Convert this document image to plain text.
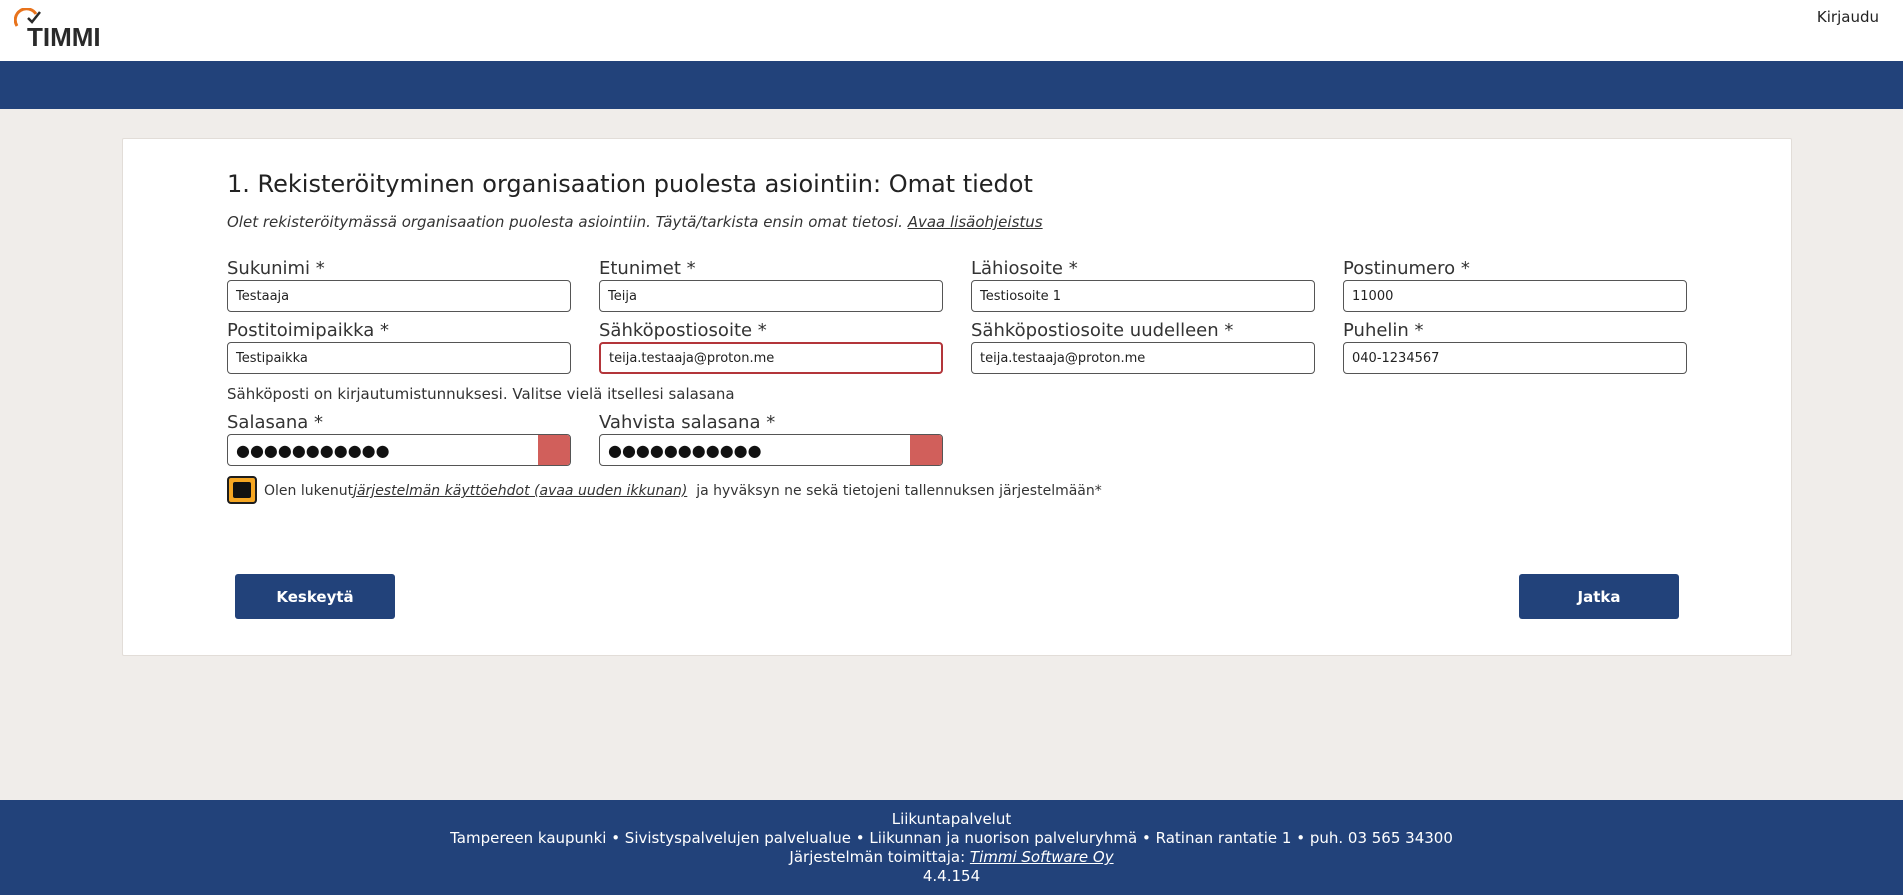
TIMMI
Kirjaudu
1. Rekisteröityminen organisaation puolesta asiointiin: Omat tiedot
Olet rekisteröitymässä organisaation puolesta asiointiin. Täytä/tarkista ensin omat tietosi. Avaa lisäohjeistus
Sukunimi *
Testaaja
Etunimet *
Teija
Lähiosoite *
Testiosoite 1
Postinumero *
11000
Postitoimipaikka *
Testipaikka
Sähköpostiosoite *
teija.testaaja@proton.me
Sähköpostiosoite uudelleen *
teija.testaaja@proton.me
Puhelin *
040-1234567
Sähköposti on kirjautumistunnuksesi. Valitse vielä itsellesi salasana
Salasana *
●●●●●●●●●●●
Vahvista salasana *
●●●●●●●●●●●
Olen lukenutjärjestelmän käyttöehdot (avaa uuden ikkunan) ja hyväksyn ne sekä tietojeni tallennuksen järjestelmään*
Keskeytä	Jatka
Liikuntapalvelut
Tampereen kaupunki • Sivistyspalvelujen palvelualue • Liikunnan ja nuorison palveluryhmä • Ratinan rantatie 1 • puh. 03 565 34300
Järjestelmän toimittaja: Timmi Software Oy
4.4.154
